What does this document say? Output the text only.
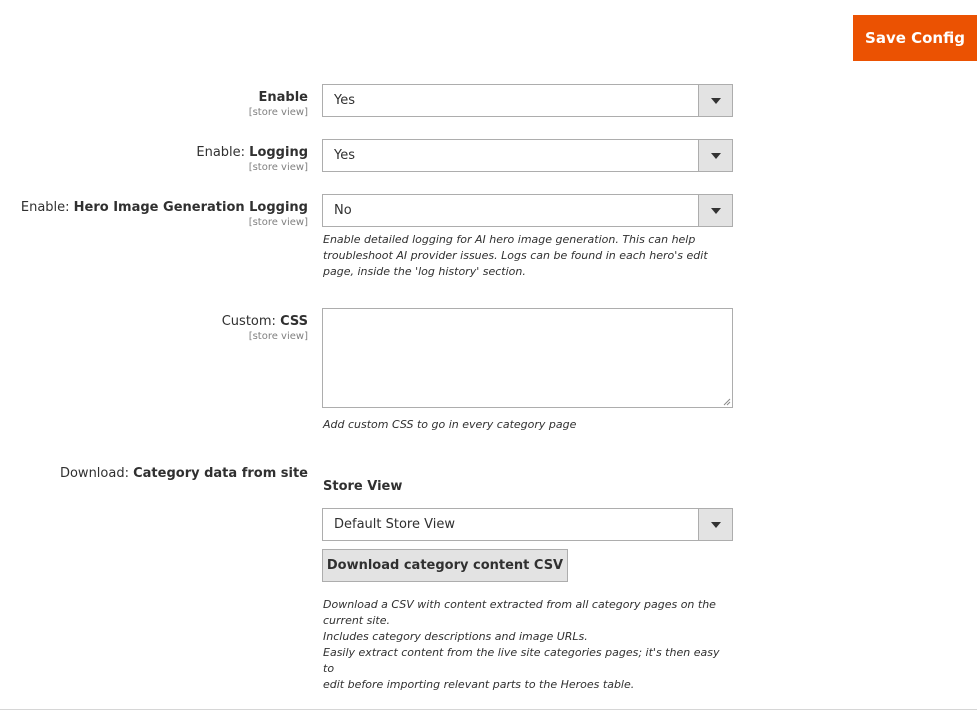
Save Config
Enable
[store view]
Yes
Enable: Logging
[store view]
Yes
Enable: Hero Image Generation Logging
[store view]
No
Enable detailed logging for AI hero image generation. This can help
troubleshoot AI provider issues. Logs can be found in each hero's edit
page, inside the 'log history' section.
Custom: CSS
[store view]
Add custom CSS to go in every category page
Download: Category data from site
Store View
Default Store View
Download category content CSV
Download a CSV with content extracted from all category pages on the
current site.
Includes category descriptions and image URLs.
Easily extract content from the live site categories pages; it's then easy to
edit before importing relevant parts to the Heroes table.
